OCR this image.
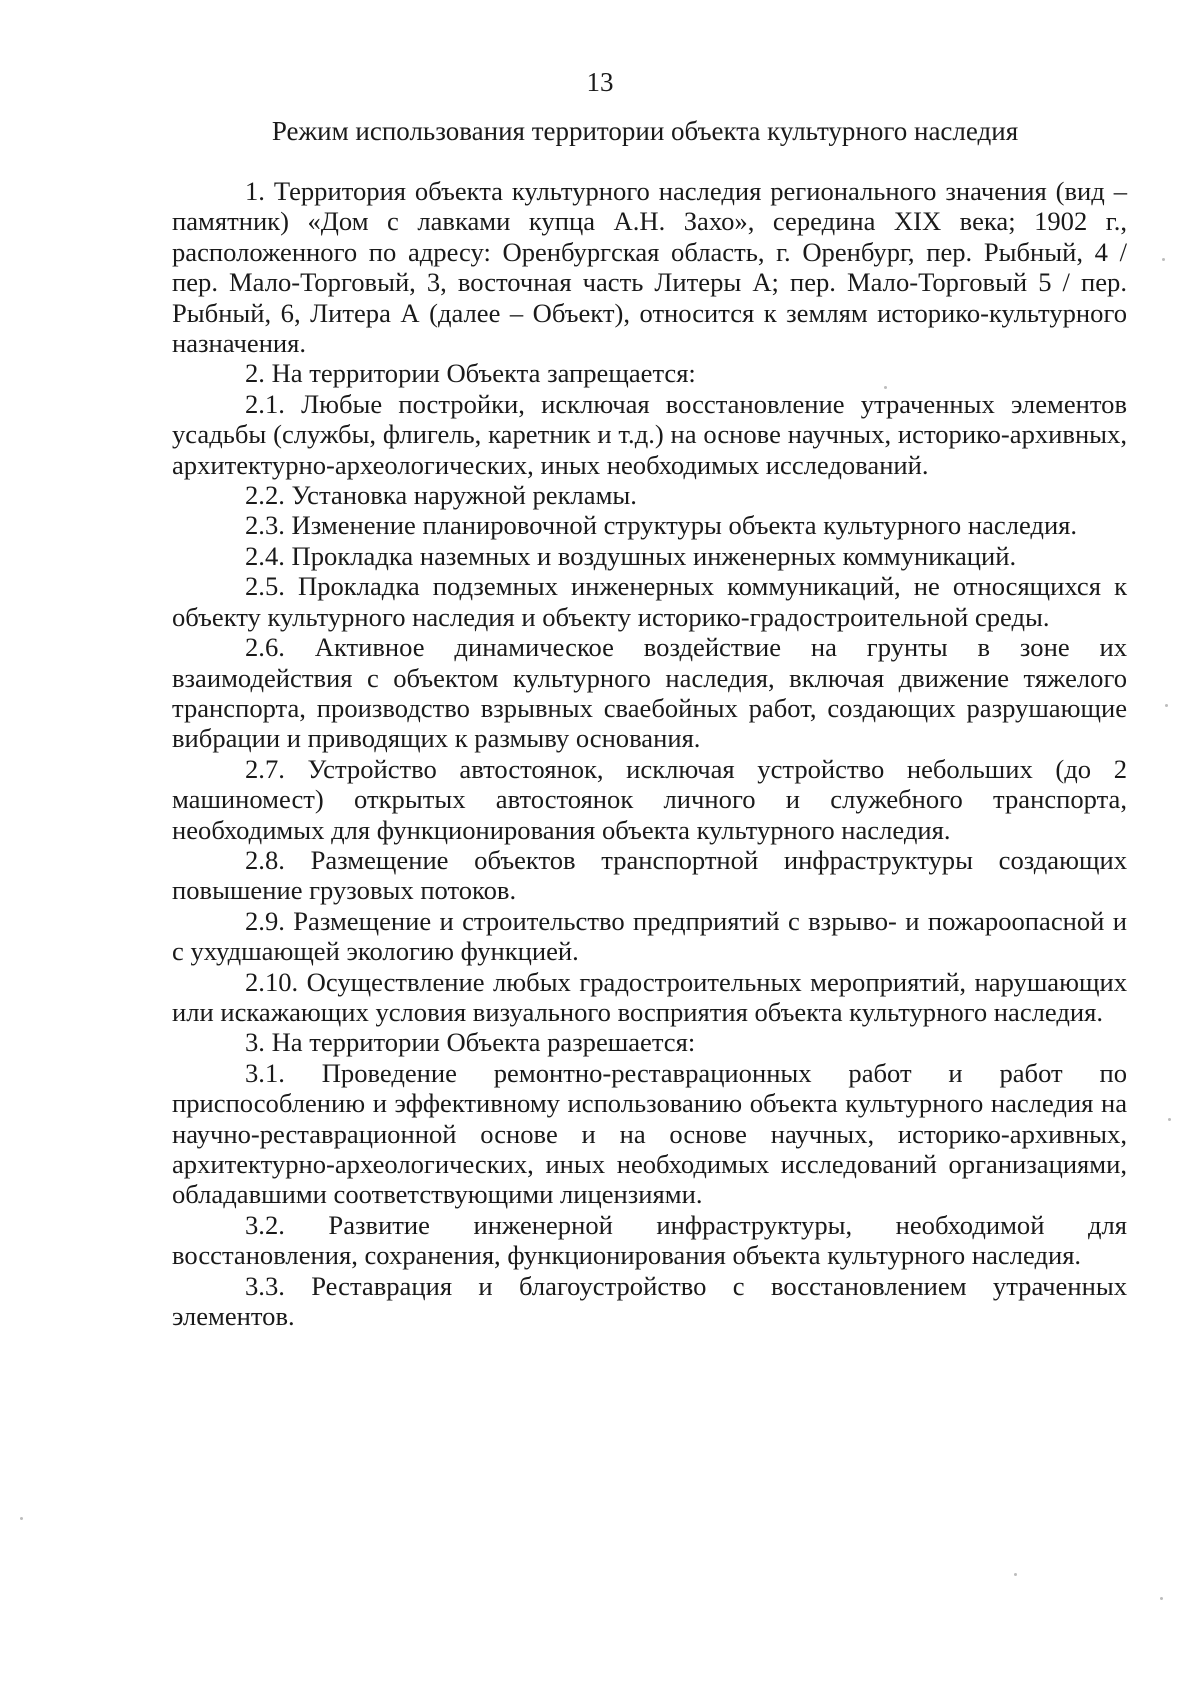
13
Режим использования территории объекта культурного наследия

1. Территория объекта культурного наследия регионального значения (вид – памятник) «Дом с лавками купца А.Н. Захо», середина XIX века; 1902 г., расположенного по адресу: Оренбургская область, г. Оренбург, пер. Рыбный, 4 / пер. Мало-Торговый, 3, восточная часть Литеры А; пер. Мало-Торговый 5 / пер. Рыбный, 6, Литера А (далее – Объект), относится к землям историко-культурного назначения.

2. На территории Объекта запрещается:

2.1. Любые постройки, исключая восстановление утраченных элементов усадьбы (службы, флигель, каретник и т.д.) на основе научных, историко-архивных, архитектурно-археологических, иных необходимых исследований.

2.2. Установка наружной рекламы.

2.3. Изменение планировочной структуры объекта культурного наследия.

2.4. Прокладка наземных и воздушных инженерных коммуникаций.

2.5. Прокладка подземных инженерных коммуникаций, не относящихся к объекту культурного наследия и объекту историко-градостроительной среды.

2.6. Активное динамическое воздействие на грунты в зоне их взаимодействия с объектом культурного наследия, включая движение тяжелого транспорта, производство взрывных сваебойных работ, создающих разрушающие вибрации и приводящих к размыву основания.

2.7. Устройство автостоянок, исключая устройство небольших (до 2 машиномест) открытых автостоянок личного и служебного транспорта, необходимых для функционирования объекта культурного наследия.

2.8. Размещение объектов транспортной инфраструктуры создающих повышение грузовых потоков.

2.9. Размещение и строительство предприятий с взрыво- и пожароопасной и с ухудшающей экологию функцией.

2.10. Осуществление любых градостроительных мероприятий, нарушающих или искажающих условия визуального восприятия объекта культурного наследия.

3. На территории Объекта разрешается:

3.1. Проведение ремонтно-реставрационных работ и работ по приспособлению и эффективному использованию объекта культурного наследия на научно-реставрационной основе и на основе научных, историко-архивных, архитектурно-археологических, иных необходимых исследований организациями, обладавшими соответствующими лицензиями.

3.2. Развитие инженерной инфраструктуры, необходимой для восстановления, сохранения, функционирования объекта культурного наследия.

3.3. Реставрация и благоустройство с восстановлением утраченных элементов.
